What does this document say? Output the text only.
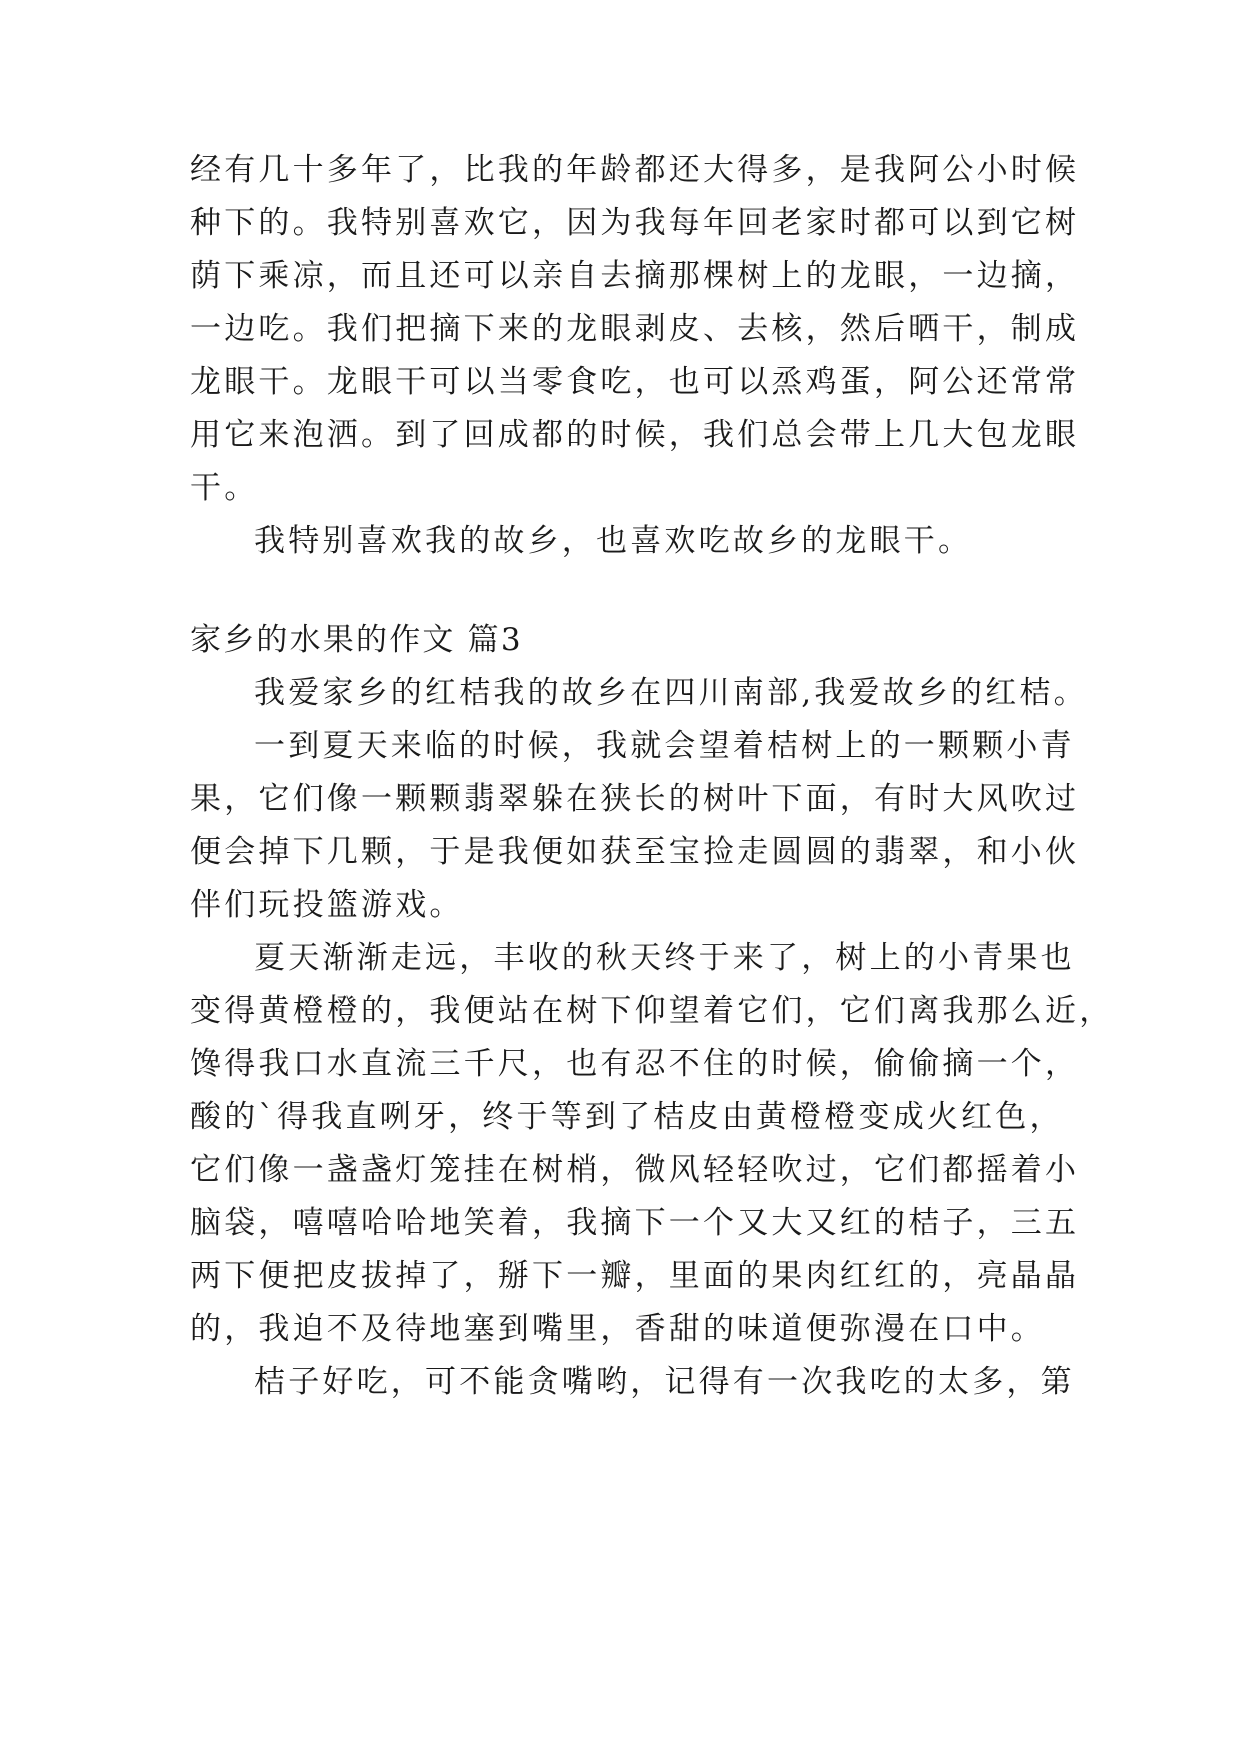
经有几十多年了，比我的年龄都还大得多，是我阿公小时候
种下的。我特别喜欢它，因为我每年回老家时都可以到它树
荫下乘凉，而且还可以亲自去摘那棵树上的龙眼，一边摘，
一边吃。我们把摘下来的龙眼剥皮、去核，然后晒干，制成
龙眼干。龙眼干可以当零食吃，也可以烝鸡蛋，阿公还常常
用它来泡洒。到了回成都的时候，我们总会带上几大包龙眼
干。
我特别喜欢我的故乡，也喜欢吃故乡的龙眼干。
家乡的水果的作文 篇3
我爱家乡的红桔我的故乡在四川南部,我爱故乡的红桔。
一到夏天来临的时候，我就会望着桔树上的一颗颗小青
果，它们像一颗颗翡翠躲在狭长的树叶下面，有时大风吹过
便会掉下几颗，于是我便如获至宝捡走圆圆的翡翠，和小伙
伴们玩投篮游戏。
夏天渐渐走远，丰收的秋天终于来了，树上的小青果也
变得黄橙橙的，我便站在树下仰望着它们，它们离我那么近，
馋得我口水直流三千尺，也有忍不住的时候，偷偷摘一个，
酸的`得我直咧牙，终于等到了桔皮由黄橙橙变成火红色，
它们像一盏盏灯笼挂在树梢，微风轻轻吹过，它们都摇着小
脑袋，嘻嘻哈哈地笑着，我摘下一个又大又红的桔子，三五
两下便把皮拔掉了，掰下一瓣，里面的果肉红红的，亮晶晶
的，我迫不及待地塞到嘴里，香甜的味道便弥漫在口中。
桔子好吃，可不能贪嘴哟，记得有一次我吃的太多，第
